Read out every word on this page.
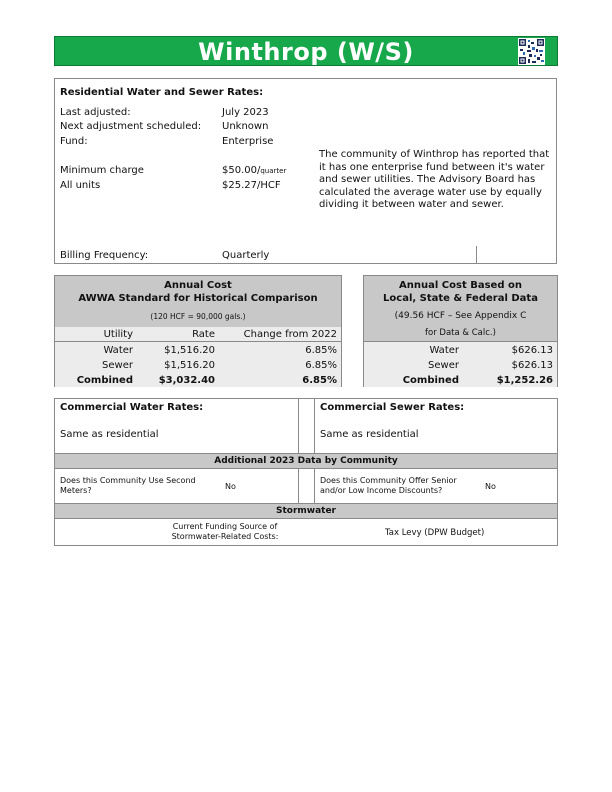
Winthrop (W/S)
Residential Water and Sewer Rates:
Last adjusted:	July 2023
Next adjustment scheduled: Unknown
Fund:	Enterprise
Minimum charge	$50.00/quarter
All units	$25.27/HCF
The community of Winthrop has reported that
it has one enterprise fund between it's water
and sewer utilities. The Advisory Board has
calculated the average water use by equally
dividing it between water and sewer.
Billing Frequency:	Quarterly
Annual Cost
AWWA Standard for Historical Comparison
(120 HCF = 90,000 gals.)
Utility	Rate	Change from 2022
Water	$1,516.20	6.85%
Sewer	$1,516.20	6.85%
Combined	$3,032.40	6.85%
Annual Cost Based on
Local, State & Federal Data
(49.56 HCF – See Appendix C
for Data & Calc.)
Water	$626.13
Sewer	$626.13
Combined	$1,252.26
Commercial Water Rates:
Same as residential
Commercial Sewer Rates:
Same as residential
Additional 2023 Data by Community
Does this Community Use Second
Meters?	No
Does this Community Offer Senior
and/or Low Income Discounts?	No
Stormwater
Current Funding Source of
Stormwater-Related Costs:	Tax Levy (DPW Budget)
